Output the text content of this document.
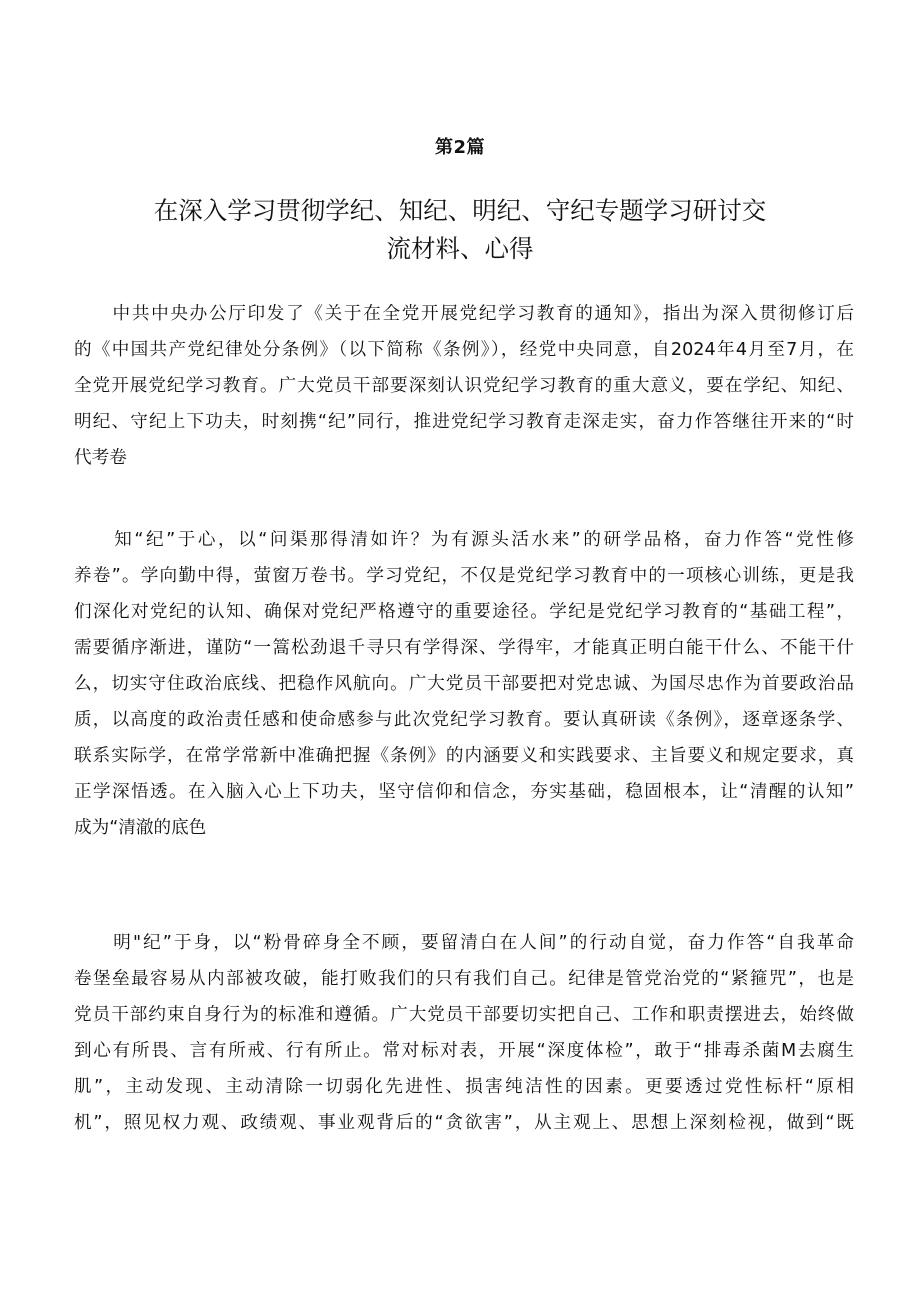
第2篇
在深入学习贯彻学纪、知纪、明纪、守纪专题学习研讨交
流材料、心得
　　中共中央办公厅印发了《关于在全党开展党纪学习教育的通知》，指出为深入贯彻修订后
的《中国共产党纪律处分条例》（以下简称《条例》），经党中央同意，自2024年4月至7月，在
全党开展党纪学习教育。广大党员干部要深刻认识党纪学习教育的重大意义，要在学纪、知纪、
明纪、守纪上下功夫，时刻携“纪”同行，推进党纪学习教育走深走实，奋力作答继往开来的“时
代考卷
　　知“纪”于心，以“问渠那得清如许？为有源头活水来”的研学品格，奋力作答“党性修
养卷”。学向勤中得，萤窗万卷书。学习党纪，不仅是党纪学习教育中的一项核心训练，更是我
们深化对党纪的认知、确保对党纪严格遵守的重要途径。学纪是党纪学习教育的“基础工程”，
需要循序渐进，谨防“一篙松劲退千寻只有学得深、学得牢，才能真正明白能干什么、不能干什
么，切实守住政治底线、把稳作风航向。广大党员干部要把对党忠诚、为国尽忠作为首要政治品
质，以高度的政治责任感和使命感参与此次党纪学习教育。要认真研读《条例》，逐章逐条学、
联系实际学，在常学常新中准确把握《条例》的内涵要义和实践要求、主旨要义和规定要求，真
正学深悟透。在入脑入心上下功夫，坚守信仰和信念，夯实基础，稳固根本，让“清醒的认知”
成为“清澈的底色
　　明"纪”于身，以“粉骨碎身全不顾，要留清白在人间”的行动自觉，奋力作答“自我革命
卷堡垒最容易从内部被攻破，能打败我们的只有我们自己。纪律是管党治党的“紧箍咒”，也是
党员干部约束自身行为的标准和遵循。广大党员干部要切实把自己、工作和职责摆进去，始终做
到心有所畏、言有所戒、行有所止。常对标对表，开展“深度体检”，敢于“排毒杀菌M去腐生
肌”，主动发现、主动清除一切弱化先进性、损害纯洁性的因素。更要透过党性标杆“原相
机”，照见权力观、政绩观、事业观背后的“贪欲害”，从主观上、思想上深刻检视，做到“既
